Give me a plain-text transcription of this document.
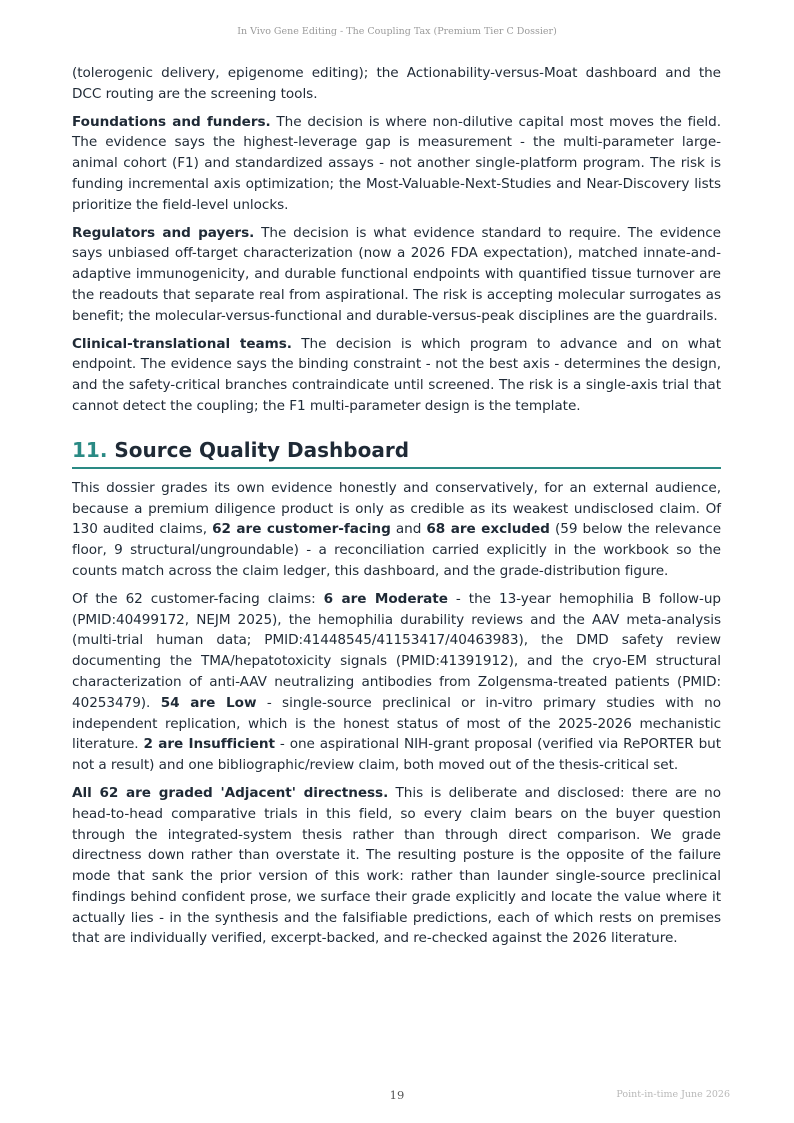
In Vivo Gene Editing - The Coupling Tax (Premium Tier C Dossier)

(tolerogenic delivery, epigenome editing); the Actionability-versus-Moat dashboard and the DCC routing are the screening tools.

Foundations and funders. The decision is where non-dilutive capital most moves the field. The evidence says the highest-leverage gap is measurement - the multi-parameter large-animal cohort (F1) and standardized assays - not another single-platform program. The risk is funding incremental axis optimization; the Most-Valuable-Next-Studies and Near-Discovery lists prioritize the field-level unlocks.

Regulators and payers. The decision is what evidence standard to require. The evidence says unbiased off-target characterization (now a 2026 FDA expectation), matched innate-and-adaptive immunogenicity, and durable functional endpoints with quantified tissue turnover are the readouts that separate real from aspirational. The risk is accepting molecular surrogates as benefit; the molecular-versus-functional and durable-versus-peak disciplines are the guardrails.

Clinical-translational teams. The decision is which program to advance and on what endpoint. The evidence says the binding constraint - not the best axis - determines the design, and the safety-critical branches contraindicate until screened. The risk is a single-axis trial that cannot detect the coupling; the F1 multi-parameter design is the template.

11. Source Quality Dashboard

This dossier grades its own evidence honestly and conservatively, for an external audience, because a premium diligence product is only as credible as its weakest undisclosed claim. Of 130 audited claims, 62 are customer-facing and 68 are excluded (59 below the relevance floor, 9 structural/ungroundable) - a reconciliation carried explicitly in the workbook so the counts match across the claim ledger, this dashboard, and the grade-distribution figure.

Of the 62 customer-facing claims: 6 are Moderate - the 13-year hemophilia B follow-up (PMID:40499172, NEJM 2025), the hemophilia durability reviews and the AAV meta-analysis (multi-trial human data; PMID:41448545/41153417/40463983), the DMD safety review documenting the TMA/hepatotoxicity signals (PMID:41391912), and the cryo-EM structural characterization of anti-AAV neutralizing antibodies from Zolgensma-treated patients (PMID: 40253479). 54 are Low - single-source preclinical or in-vitro primary studies with no independent replication, which is the honest status of most of the 2025-2026 mechanistic literature. 2 are Insufficient - one aspirational NIH-grant proposal (verified via RePORTER but not a result) and one bibliographic/review claim, both moved out of the thesis-critical set.

All 62 are graded 'Adjacent' directness. This is deliberate and disclosed: there are no head-to-head comparative trials in this field, so every claim bears on the buyer question through the integrated-system thesis rather than through direct comparison. We grade directness down rather than overstate it. The resulting posture is the opposite of the failure mode that sank the prior version of this work: rather than launder single-source preclinical findings behind confident prose, we surface their grade explicitly and locate the value where it actually lies - in the synthesis and the falsifiable predictions, each of which rests on premises that are individually verified, excerpt-backed, and re-checked against the 2026 literature.

19	Point-in-time June 2026
